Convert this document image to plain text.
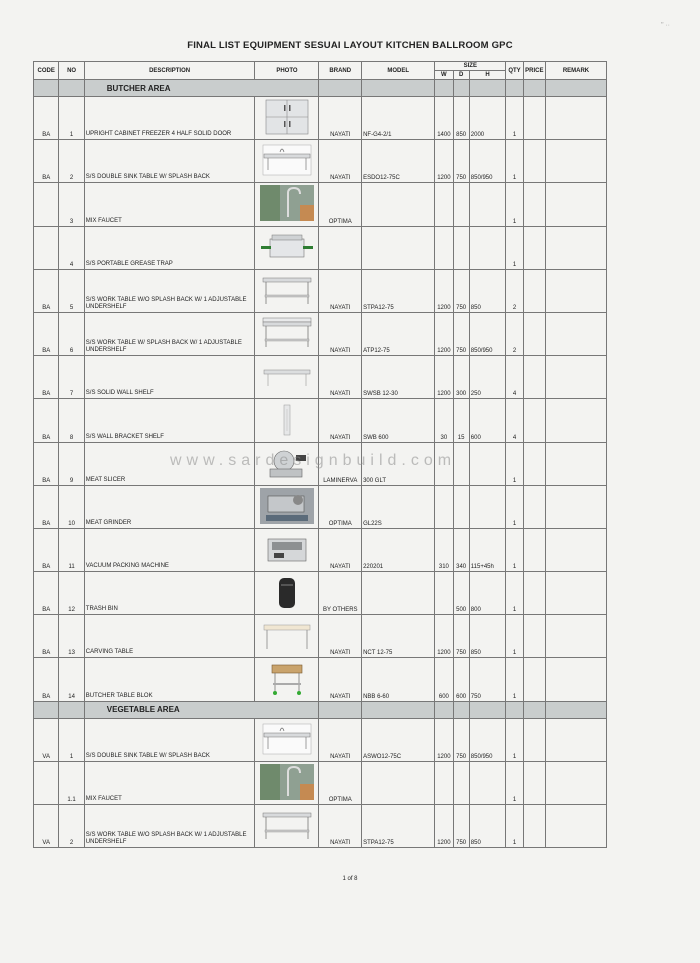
’’ ··
FINAL LIST EQUIPMENT SESUAI LAYOUT KITCHEN BALLROOM GPC
CODE	NO	DESCRIPTION	PHOTO	BRAND	MODEL	SIZE			QTY	PRICE	REMARK
						W	D	H			
		BUTCHER AREA									
BA	1	UPRIGHT CABINET FREEZER 4 HALF SOLID DOOR		NAYATI	NF-G4-2/1	1400	850	2000	1		
BA	2	S/S DOUBLE SINK TABLE W/ SPLASH BACK		NAYATI	ESDO12-75C	1200	750	850/950	1		
	3	MIX FAUCET		OPTIMA					1		
	4	S/S PORTABLE GREASE TRAP							1		
BA	5	S/S WORK TABLE W/O SPLASH BACK W/ 1 ADJUSTABLE UNDERSHELF		NAYATI	STPA12-75	1200	750	850	2		
BA	6	S/S WORK TABLE W/ SPLASH BACK W/ 1 ADJUSTABLE UNDERSHELF		NAYATI	ATP12-75	1200	750	850/950	2		
BA	7	S/S SOLID WALL SHELF		NAYATI	SWSB 12-30	1200	300	250	4		
BA	8	S/S WALL BRACKET SHELF		NAYATI	SWB 600	30	15	600	4		
BA	9	MEAT SLICER		LAMINERVA	300 GLT				1		
BA	10	MEAT GRINDER		OPTIMA	GL22S				1		
BA	11	VACUUM PACKING MACHINE		NAYATI	220201	310	340	115+45h	1		
BA	12	TRASH BIN		BY OTHERS			500	800	1		
BA	13	CARVING TABLE		NAYATI	NCT 12-75	1200	750	850	1		
BA	14	BUTCHER TABLE BLOK		NAYATI	NBB 6-60	600	600	750	1		
		VEGETABLE AREA									
VA	1	S/S DOUBLE SINK TABLE W/ SPLASH BACK		NAYATI	ASWO12-75C	1200	750	850/950	1		
	1.1	MIX FAUCET		OPTIMA					1		
VA	2	S/S WORK TABLE W/O SPLASH BACK W/ 1 ADJUSTABLE UNDERSHELF		NAYATI	STPA12-75	1200	750	850	1		
www.sardesignbuild.com
1 of 8
